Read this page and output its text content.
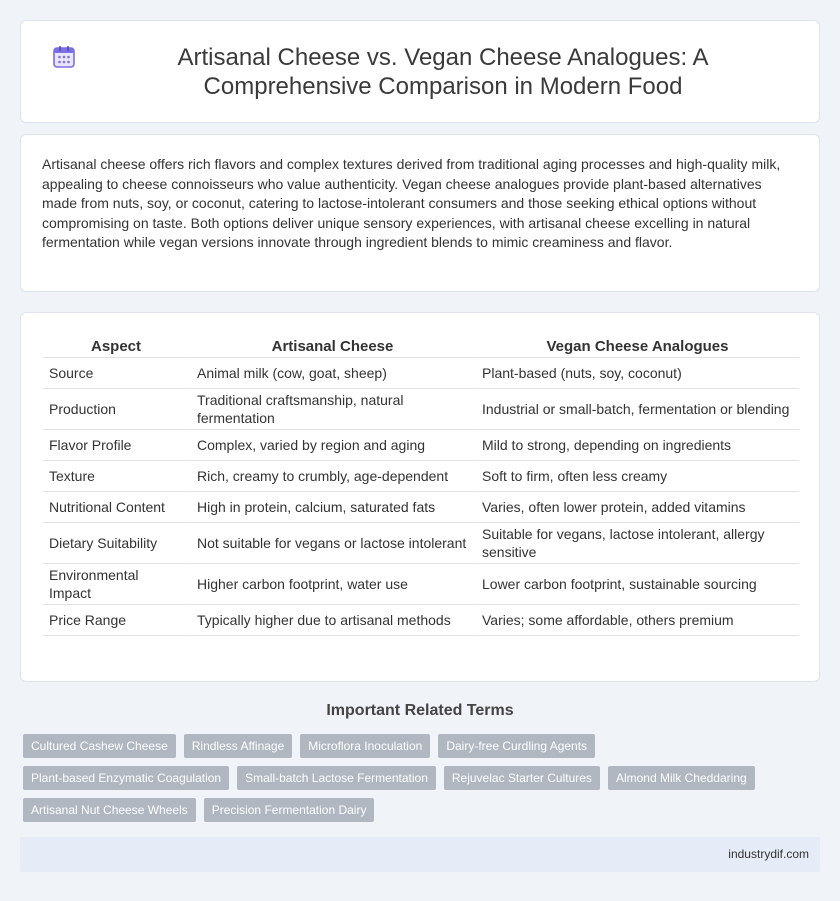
Artisanal Cheese vs. Vegan Cheese Analogues: A Comprehensive Comparison in Modern Food

Artisanal cheese offers rich flavors and complex textures derived from traditional aging processes and high-quality milk, appealing to cheese connoisseurs who value authenticity. Vegan cheese analogues provide plant-based alternatives made from nuts, soy, or coconut, catering to lactose-intolerant consumers and those seeking ethical options without compromising on taste. Both options deliver unique sensory experiences, with artisanal cheese excelling in natural fermentation while vegan versions innovate through ingredient blends to mimic creaminess and flavor.

Aspect	Artisanal Cheese	Vegan Cheese Analogues
Source	Animal milk (cow, goat, sheep)	Plant-based (nuts, soy, coconut)
Production	Traditional craftsmanship, natural fermentation	Industrial or small-batch, fermentation or blending
Flavor Profile	Complex, varied by region and aging	Mild to strong, depending on ingredients
Texture	Rich, creamy to crumbly, age-dependent	Soft to firm, often less creamy
Nutritional Content	High in protein, calcium, saturated fats	Varies, often lower protein, added vitamins
Dietary Suitability	Not suitable for vegans or lactose intolerant	Suitable for vegans, lactose intolerant, allergy sensitive
Environmental Impact	Higher carbon footprint, water use	Lower carbon footprint, sustainable sourcing
Price Range	Typically higher due to artisanal methods	Varies; some affordable, others premium
Important Related Terms
Cultured Cashew Cheese	Rindless Affinage	Microflora Inoculation	Dairy-free Curdling Agents
Plant-based Enzymatic Coagulation	Small-batch Lactose Fermentation	Rejuvelac Starter Cultures	Almond Milk Cheddaring
Artisanal Nut Cheese Wheels	Precision Fermentation Dairy
industrydif.com
